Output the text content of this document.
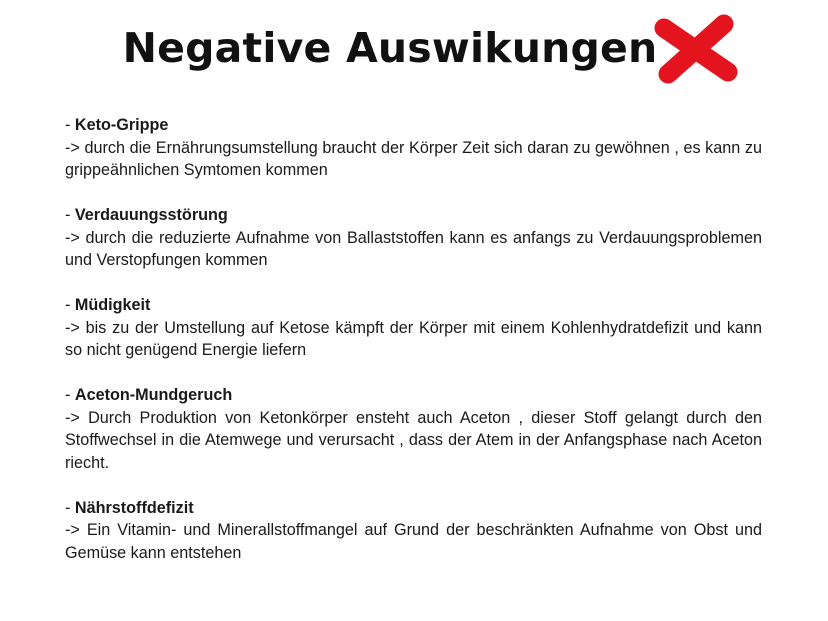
Negative Auswikungen
- Keto-Grippe
-> durch die Ernährungsumstellung braucht der Körper Zeit sich daran zu gewöhnen , es kann zu grippeähnlichen Symtomen kommen
- Verdauungsstörung
-> durch die reduzierte Aufnahme von Ballaststoffen kann es anfangs zu Verdauungsproblemen und Verstopfungen kommen
- Müdigkeit
-> bis zu der Umstellung auf Ketose kämpft der Körper mit einem Kohlenhydratdefizit und kann so nicht genügend Energie liefern
- Aceton-Mundgeruch
-> Durch Produktion von Ketonkörper ensteht auch Aceton , dieser Stoff gelangt durch den Stoffwechsel in die Atemwege und verursacht , dass der Atem in der Anfangsphase nach Aceton riecht.
- Nährstoffdefizit
-> Ein Vitamin- und Minerallstoffmangel auf Grund der beschränkten Aufnahme von Obst und Gemüse kann entstehen
